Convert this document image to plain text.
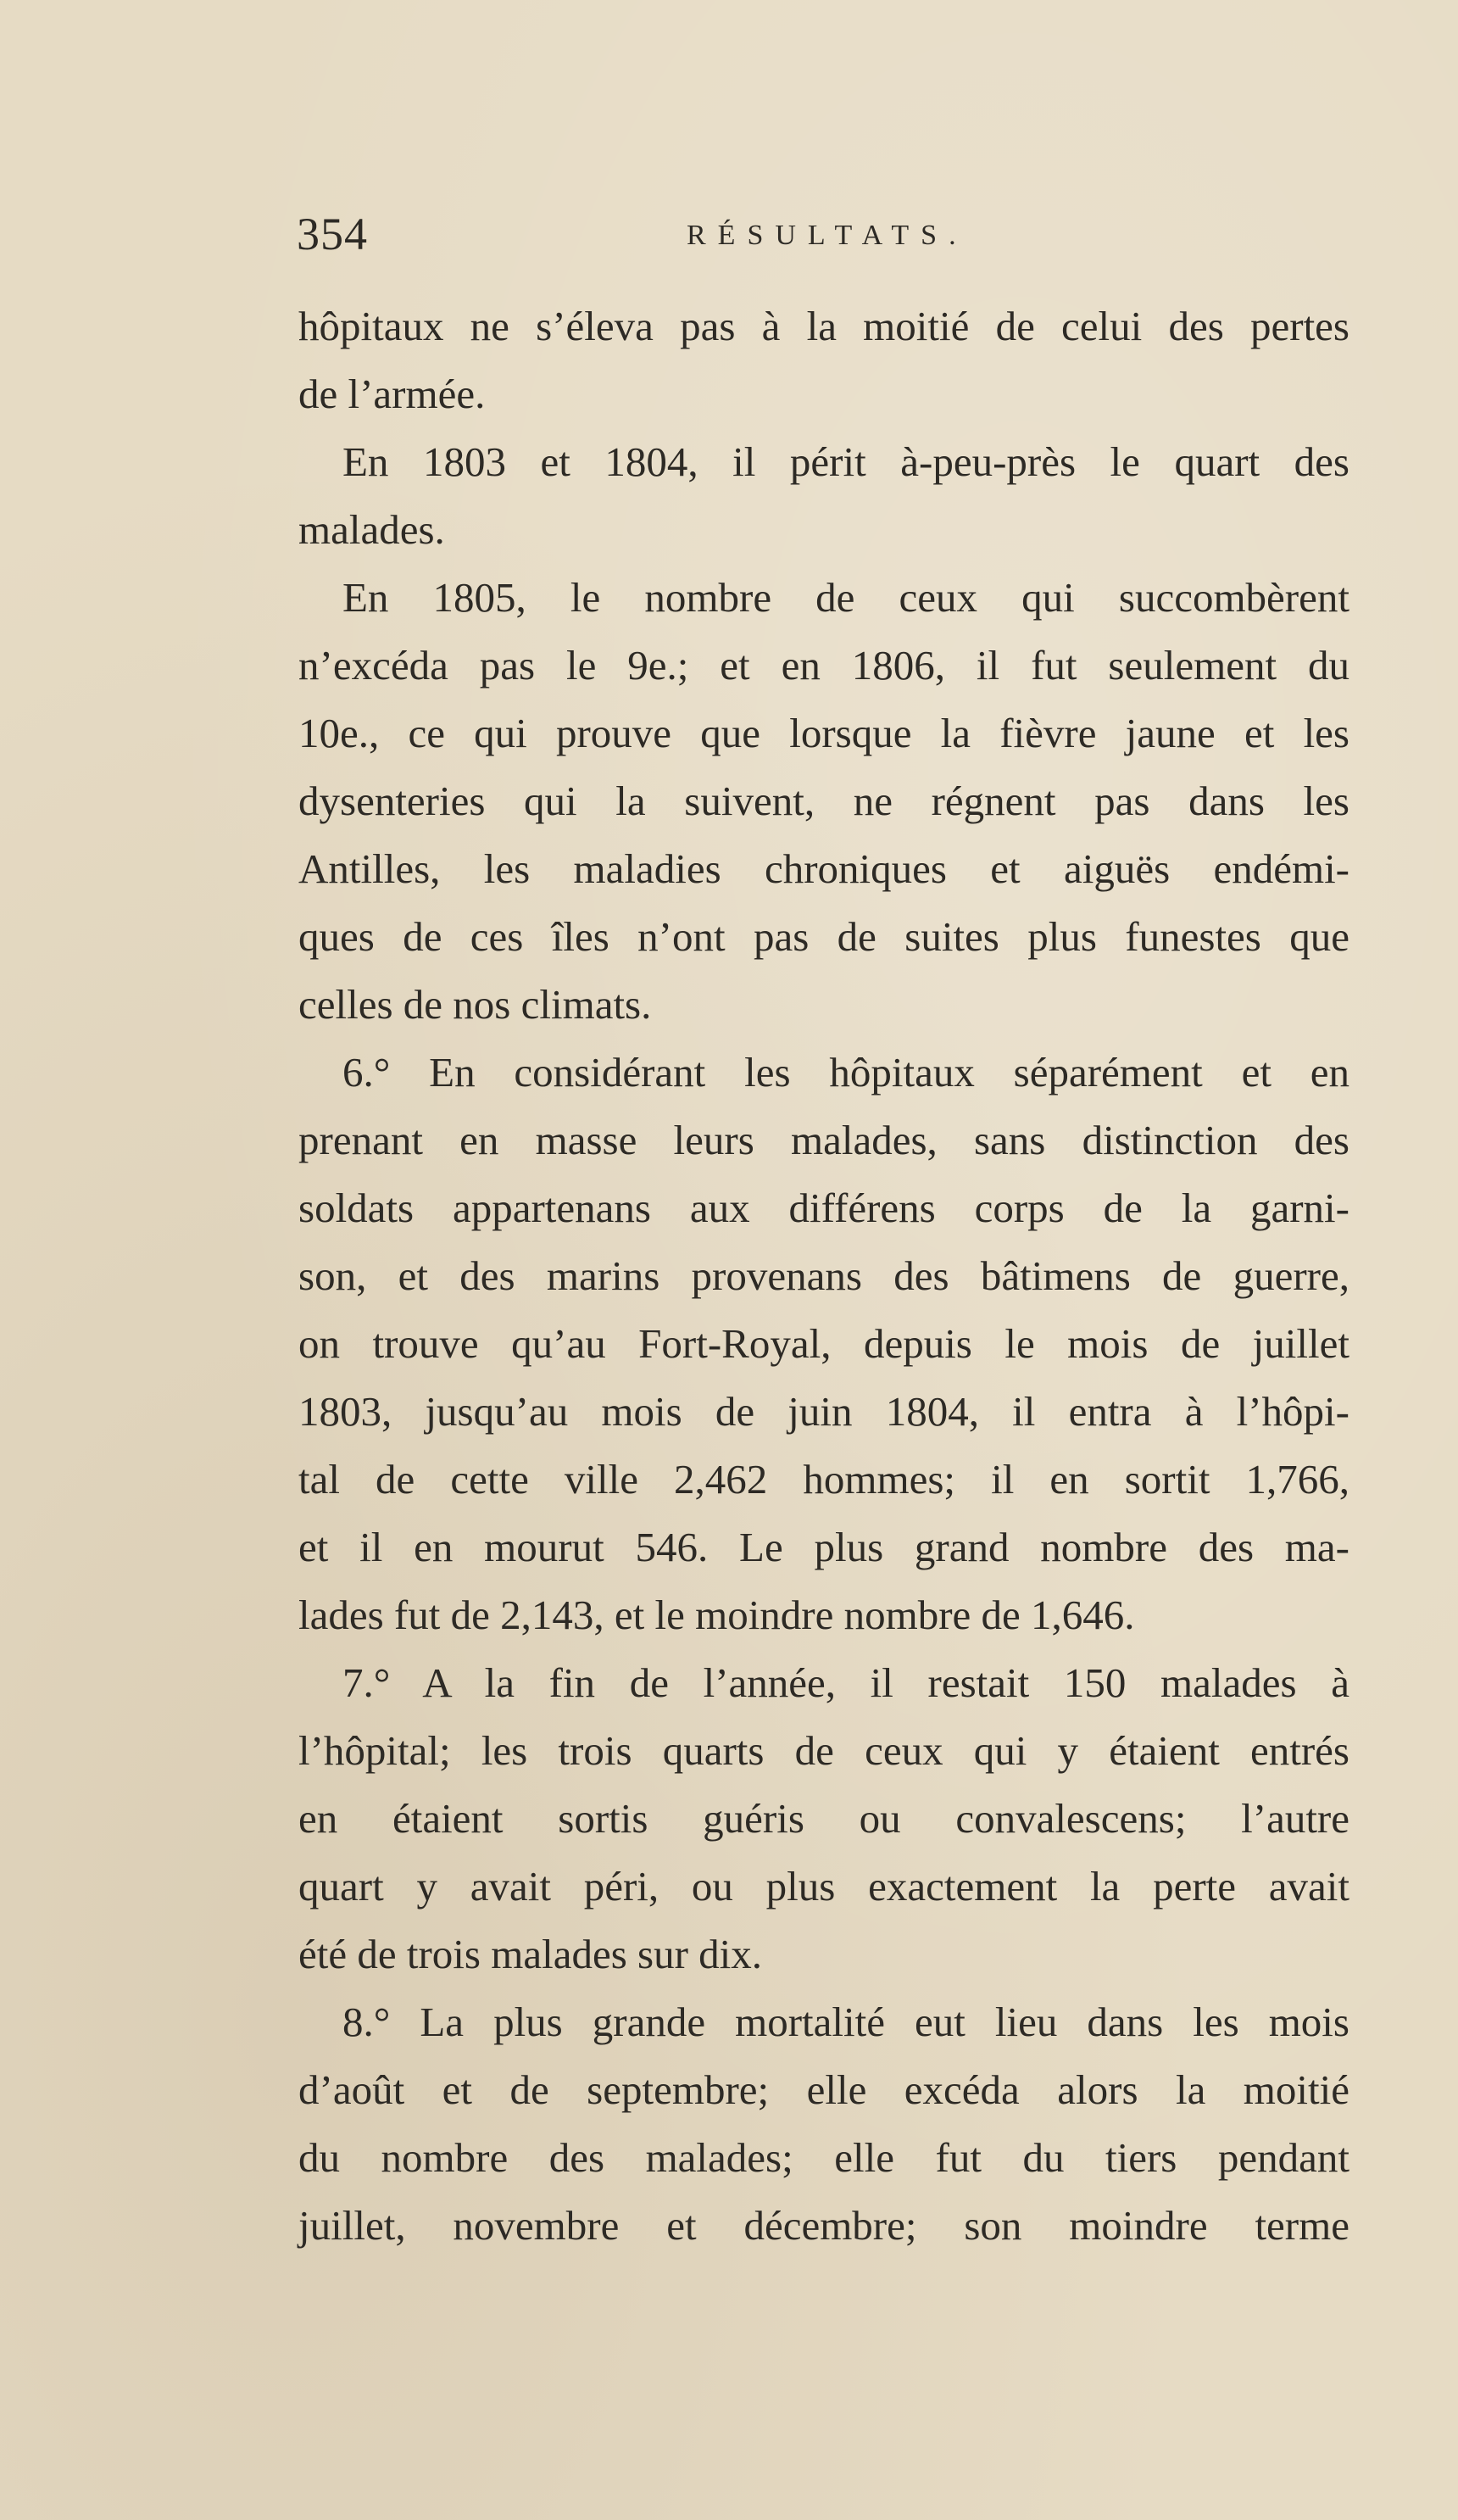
354	RÉSULTATS.
hôpitaux ne s’éleva pas à la moitié de celui des pertes
de l’armée.
En 1803 et 1804, il périt à-peu-près le quart des
malades.
En 1805, le nombre de ceux qui succombèrent
n’excéda pas le 9e.; et en 1806, il fut seulement du
10e., ce qui prouve que lorsque la fièvre jaune et les
dysenteries qui la suivent, ne régnent pas dans les
Antilles, les maladies chroniques et aiguës endémi-
ques de ces îles n’ont pas de suites plus funestes que
celles de nos climats.
6.° En considérant les hôpitaux séparément et en
prenant en masse leurs malades, sans distinction des
soldats appartenans aux différens corps de la garni-
son, et des marins provenans des bâtimens de guerre,
on trouve qu’au Fort-Royal, depuis le mois de juillet
1803, jusqu’au mois de juin 1804, il entra à l’hôpi-
tal de cette ville 2,462 hommes; il en sortit 1,766,
et il en mourut 546. Le plus grand nombre des ma-
lades fut de 2,143, et le moindre nombre de 1,646.
7.° A la fin de l’année, il restait 150 malades à
l’hôpital; les trois quarts de ceux qui y étaient entrés
en étaient sortis guéris ou convalescens; l’autre
quart y avait péri, ou plus exactement la perte avait
été de trois malades sur dix.
8.° La plus grande mortalité eut lieu dans les mois
d’août et de septembre; elle excéda alors la moitié
du nombre des malades; elle fut du tiers pendant
juillet, novembre et décembre; son moindre terme
